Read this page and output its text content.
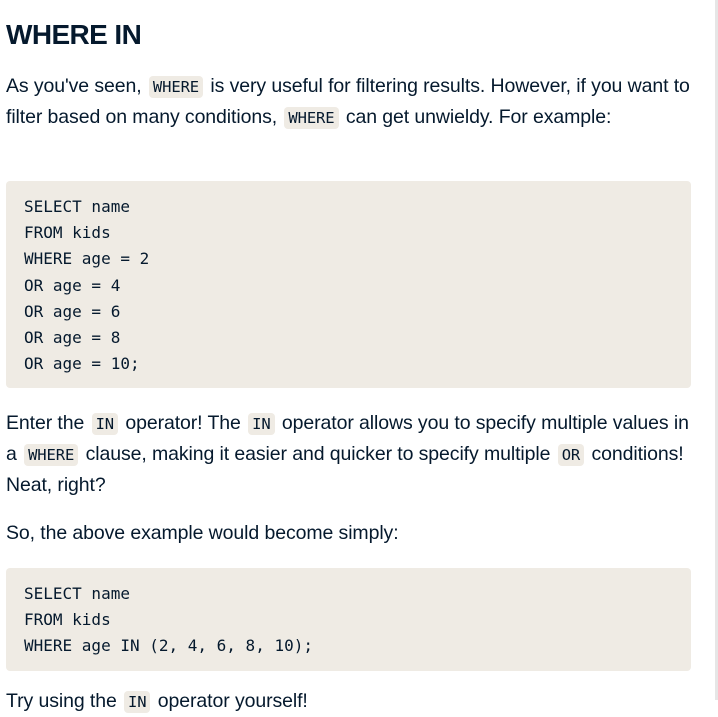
WHERE IN

As you've seen, WHERE is very useful for filtering results. However, if you want to filter based on many conditions, WHERE can get unwieldy. For example:

SELECT name
FROM kids
WHERE age = 2
OR age = 4
OR age = 6
OR age = 8
OR age = 10;

Enter the IN operator! The IN operator allows you to specify multiple values in a WHERE clause, making it easier and quicker to specify multiple OR conditions! Neat, right?

So, the above example would become simply:

SELECT name
FROM kids
WHERE age IN (2, 4, 6, 8, 10);

Try using the IN operator yourself!
